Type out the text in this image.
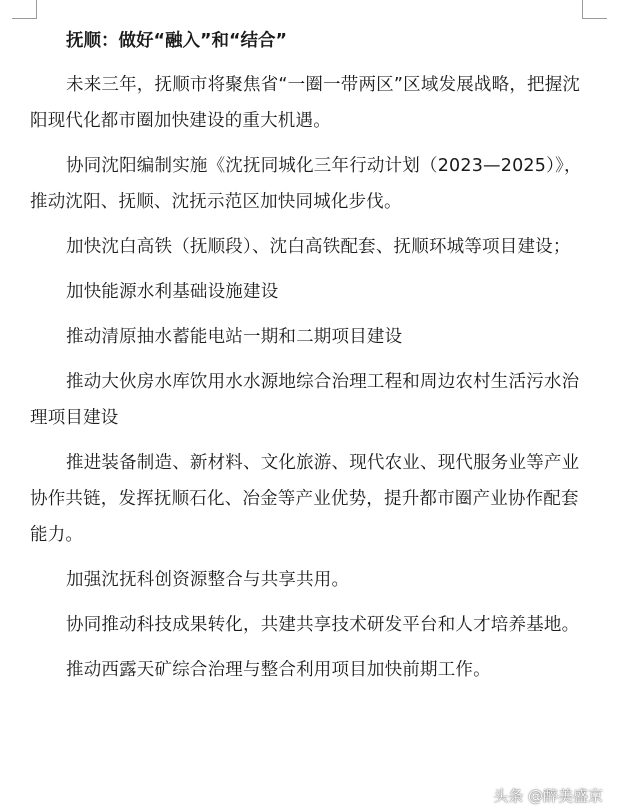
抚顺：做好“融入”和“结合”

未来三年，抚顺市将聚焦省“一圈一带两区”区域发展战略，把握沈阳现代化都市圈加快建设的重大机遇。

协同沈阳编制实施《沈抚同城化三年行动计划（2023—2025）》，推动沈阳、抚顺、沈抚示范区加快同城化步伐。

加快沈白高铁（抚顺段）、沈白高铁配套、抚顺环城等项目建设；

加快能源水利基础设施建设

推动清原抽水蓄能电站一期和二期项目建设

推动大伙房水库饮用水水源地综合治理工程和周边农村生活污水治理项目建设

推进装备制造、新材料、文化旅游、现代农业、现代服务业等产业协作共链，发挥抚顺石化、冶金等产业优势，提升都市圈产业协作配套能力。

加强沈抚科创资源整合与共享共用。

协同推动科技成果转化，共建共享技术研发平台和人才培养基地。

推动西露天矿综合治理与整合利用项目加快前期工作。

头条 @醉美盛京
